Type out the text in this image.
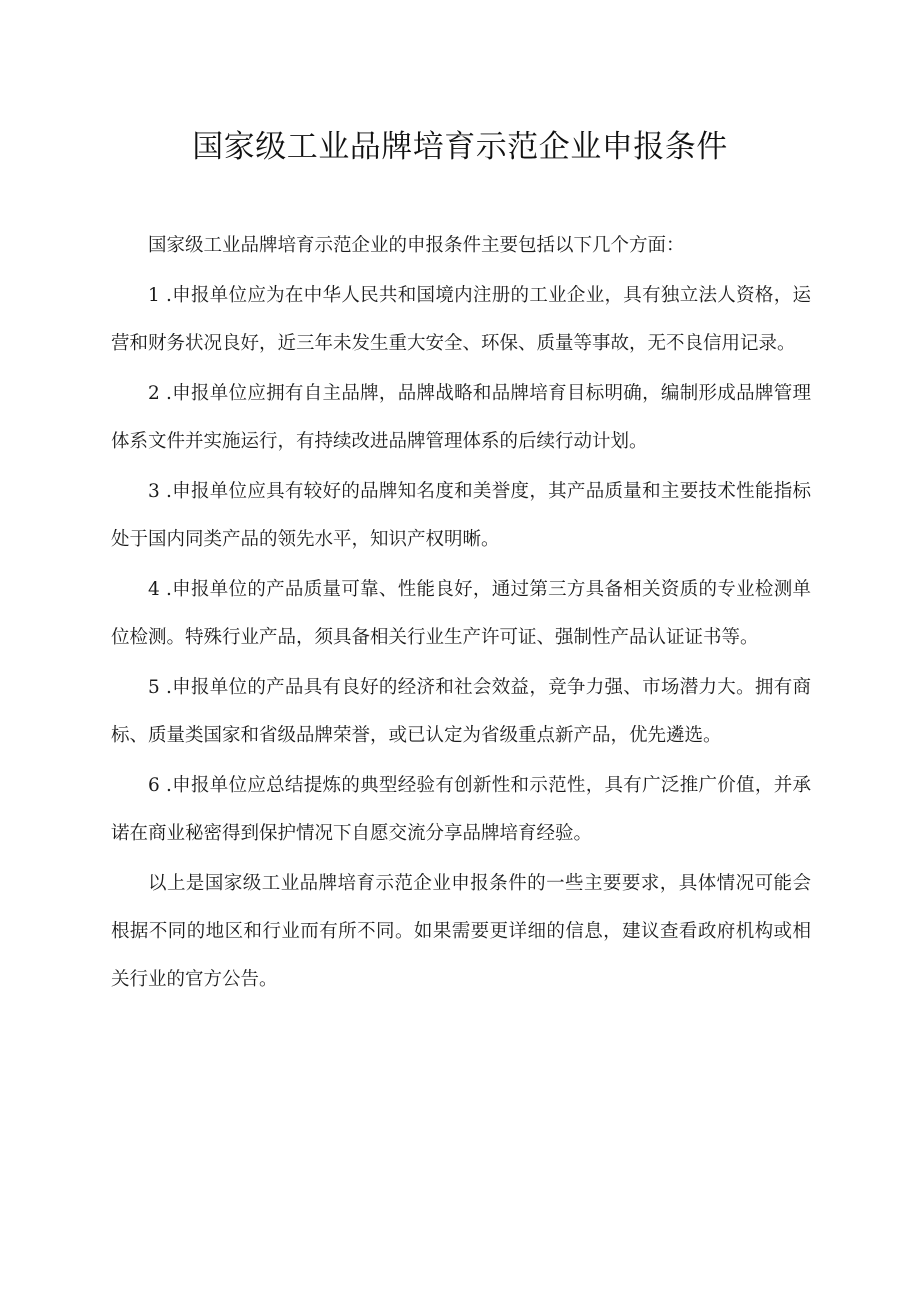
国家级工业品牌培育示范企业申报条件

国家级工业品牌培育示范企业的申报条件主要包括以下几个方面：

1 .申报单位应为在中华人民共和国境内注册的工业企业，具有独立法人资格，运营和财务状况良好，近三年未发生重大安全、环保、质量等事故，无不良信用记录。

2 .申报单位应拥有自主品牌，品牌战略和品牌培育目标明确，编制形成品牌管理体系文件并实施运行，有持续改进品牌管理体系的后续行动计划。

3 .申报单位应具有较好的品牌知名度和美誉度，其产品质量和主要技术性能指标处于国内同类产品的领先水平，知识产权明晰。

4 .申报单位的产品质量可靠、性能良好，通过第三方具备相关资质的专业检测单位检测。特殊行业产品，须具备相关行业生产许可证、强制性产品认证证书等。

5 .申报单位的产品具有良好的经济和社会效益，竞争力强、市场潜力大。拥有商标、质量类国家和省级品牌荣誉，或已认定为省级重点新产品，优先遴选。

6 .申报单位应总结提炼的典型经验有创新性和示范性，具有广泛推广价值，并承诺在商业秘密得到保护情况下自愿交流分享品牌培育经验。

以上是国家级工业品牌培育示范企业申报条件的一些主要要求，具体情况可能会根据不同的地区和行业而有所不同。如果需要更详细的信息，建议查看政府机构或相关行业的官方公告。
